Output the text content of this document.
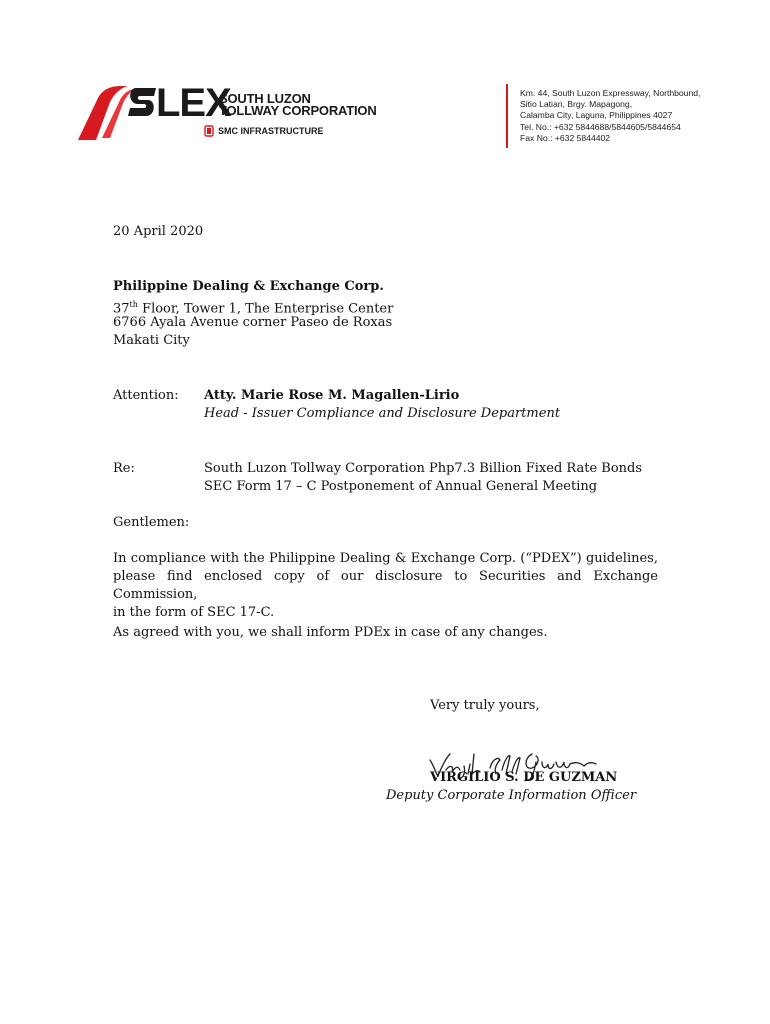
LEX
SOUTH LUZON
TOLLWAY CORPORATION
SMC INFRASTRUCTURE
Km. 44, South Luzon Expressway, Northbound,
Sitio Latian, Brgy. Mapagong,
Calamba City, Laguna, Philippines 4027
Tel. No.: +632 5844688/5844605/5844654
Fax No.: +632 5844402
20 April 2020
Philippine Dealing & Exchange Corp.
37th Floor, Tower 1, The Enterprise Center
6766 Ayala Avenue corner Paseo de Roxas
Makati City
Attention: Atty. Marie Rose M. Magallen-Lirio
Head - Issuer Compliance and Disclosure Department
Re:	South Luzon Tollway Corporation Php7.3 Billion Fixed Rate Bonds
SEC Form 17 – C Postponement of Annual General Meeting
Gentlemen:
In compliance with the Philippine Dealing & Exchange Corp. (“PDEX”) guidelines,
please find enclosed copy of our disclosure to Securities and Exchange Commission,
in the form of SEC 17-C.
As agreed with you, we shall inform PDEx in case of any changes.
Very truly yours,
VIRGILIO S. DE GUZMAN
Deputy Corporate Information Officer
